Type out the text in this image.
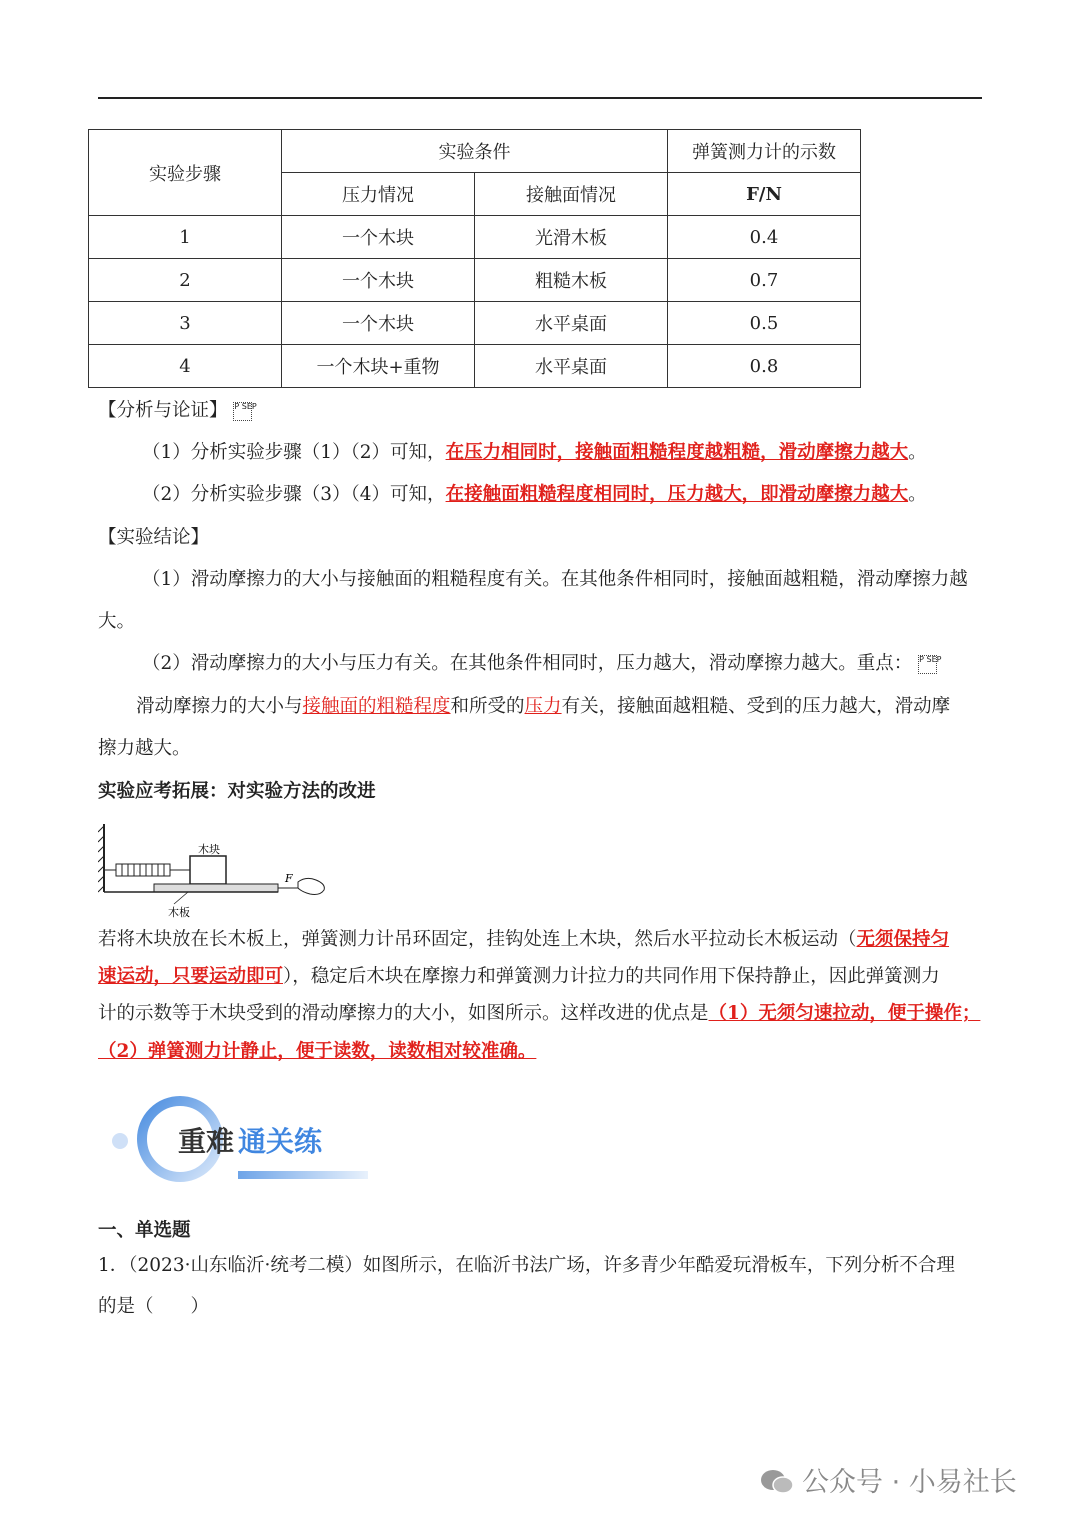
实验步骤	实验条件		弹簧测力计的示数
	压力情况	接触面情况	F/N
1	一个木块	光滑木板	0.4
2	一个木块	粗糙木板	0.7
3	一个木块	水平桌面	0.5
4	一个木块+重物	水平桌面	0.8
【分析与论证】 P SEP
（1）分析实验步骤（1）（2）可知，在压力相同时，接触面粗糙程度越粗糙，滑动摩擦力越大。
（2）分析实验步骤（3）（4）可知，在接触面粗糙程度相同时，压力越大，即滑动摩擦力越大。
【实验结论】
（1）滑动摩擦力的大小与接触面的粗糙程度有关。在其他条件相同时，接触面越粗糙，滑动摩擦力越
大。
（2）滑动摩擦力的大小与压力有关。在其他条件相同时，压力越大，滑动摩擦力越大。重点： P SEP
滑动摩擦力的大小与接触面的粗糙程度和所受的压力有关，接触面越粗糙、受到的压力越大，滑动摩
擦力越大。
实验应考拓展：对实验方法的改进
木块
F
木板
若将木块放在长木板上，弹簧测力计吊环固定，挂钩处连上木块，然后水平拉动长木板运动（无须保持匀
速运动，只要运动即可），稳定后木块在摩擦力和弹簧测力计拉力的共同作用下保持静止，因此弹簧测力
计的示数等于木块受到的滑动摩擦力的大小，如图所示。这样改进的优点是（1）无须匀速拉动，便于操作；
（2）弹簧测力计静止，便于读数，读数相对较准确。
重难 通关练
一、单选题
1．（2023·山东临沂·统考二模）如图所示，在临沂书法广场，许多青少年酷爱玩滑板车，下列分析不合理
的是（　　）
公众号 · 小易社长
